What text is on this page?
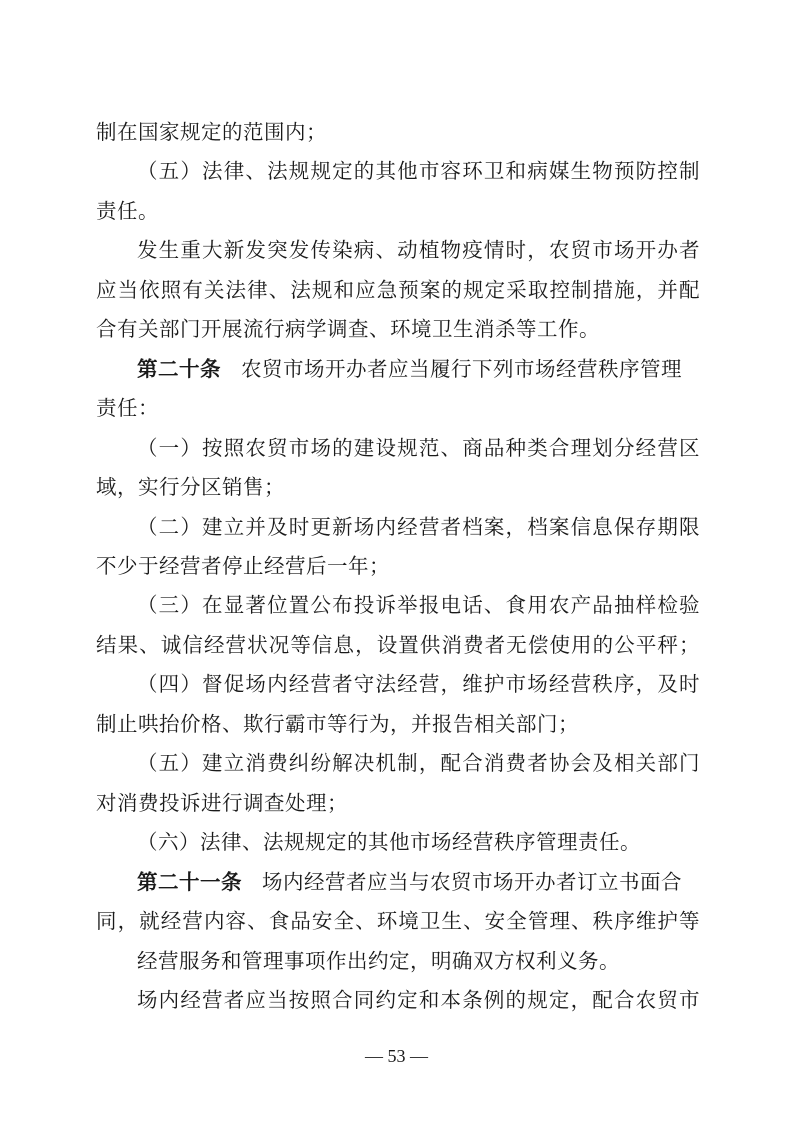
制在国家规定的范围内；
（五）法律、法规规定的其他市容环卫和病媒生物预防控制
责任。
发生重大新发突发传染病、动植物疫情时，农贸市场开办者
应当依照有关法律、法规和应急预案的规定采取控制措施，并配
合有关部门开展流行病学调查、环境卫生消杀等工作。
第二十条 农贸市场开办者应当履行下列市场经营秩序管理
责任：
（一）按照农贸市场的建设规范、商品种类合理划分经营区
域，实行分区销售；
（二）建立并及时更新场内经营者档案，档案信息保存期限
不少于经营者停止经营后一年；
（三）在显著位置公布投诉举报电话、食用农产品抽样检验
结果、诚信经营状况等信息，设置供消费者无偿使用的公平秤；
（四）督促场内经营者守法经营，维护市场经营秩序，及时
制止哄抬价格、欺行霸市等行为，并报告相关部门；
（五）建立消费纠纷解决机制，配合消费者协会及相关部门
对消费投诉进行调查处理；
（六）法律、法规规定的其他市场经营秩序管理责任。
第二十一条 场内经营者应当与农贸市场开办者订立书面合
同，就经营内容、食品安全、环境卫生、安全管理、秩序维护等
经营服务和管理事项作出约定，明确双方权利义务。
场内经营者应当按照合同约定和本条例的规定，配合农贸市
— 53 —
